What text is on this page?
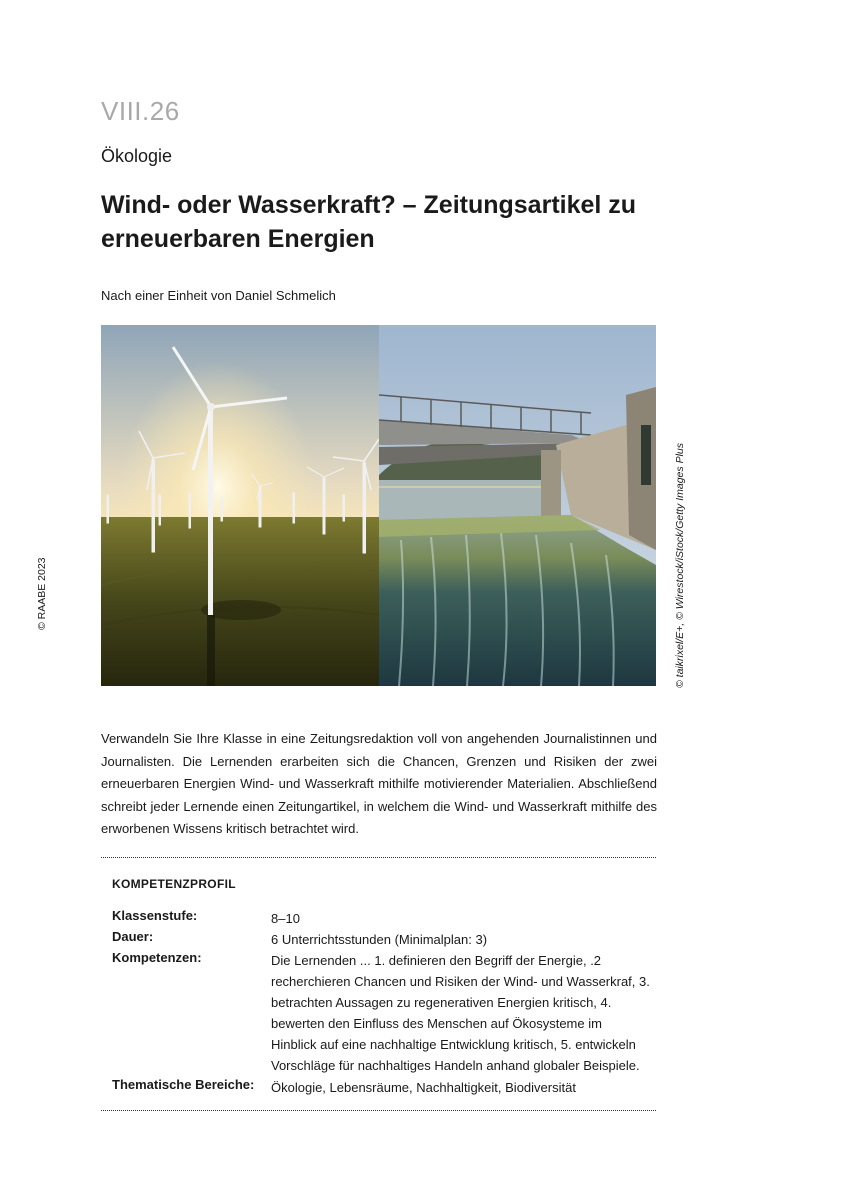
VIII.26
Ökologie
Wind- oder Wasserkraft? – Zeitungsartikel zu erneuerbaren Energien
Nach einer Einheit von Daniel Schmelich
© RAABE 2023	© taikrixel/E+, © Wirestock/iStock/Getty Images Plus
Verwandeln Sie Ihre Klasse in eine Zeitungsredaktion voll von angehenden Journalistinnen und Journalisten. Die Lernenden erarbeiten sich die Chancen, Grenzen und Risiken der zwei erneuerbaren Energien Wind- und Wasserkraft mithilfe motivierender Materialien. Abschließend schreibt jeder Lernende einen Zeitungartikel, in welchem die Wind- und Wasserkraft mithilfe des erworbenen Wissens kritisch betrachtet wird.
KOMPETENZPROFIL
Klassenstufe:	8–10
Dauer:	6 Unterrichtsstunden (Minimalplan: 3)
Kompetenzen:	Die Lernenden ... 1. definieren den Begriff der Energie, .2 recherchieren Chancen und Risiken der Wind- und Wasserkraf, 3. betrachten Aussagen zu regenerativen Energien kritisch, 4. bewerten den Einfluss des Menschen auf Ökosysteme im Hinblick auf eine nachhaltige Entwicklung kritisch, 5. entwickeln Vorschläge für nachhaltiges Handeln anhand globaler Beispiele.
Thematische Bereiche: Ökologie, Lebensräume, Nachhaltigkeit, Biodiversität
